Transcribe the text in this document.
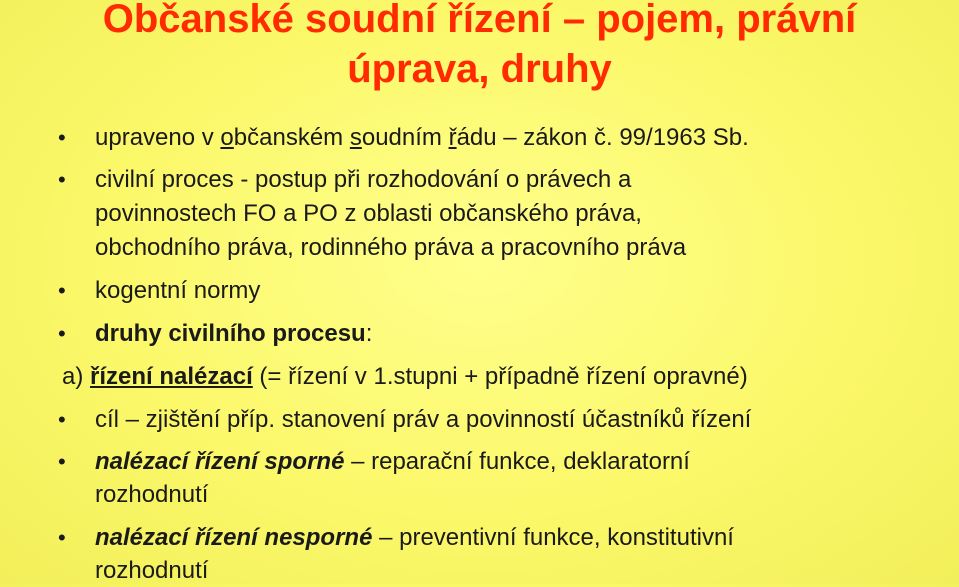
Občanské soudní řízení – pojem, právní
úprava, druhy
• upraveno v občanském soudním řádu – zákon č. 99/1963 Sb.
• civilní proces - postup při rozhodování o právech a
povinnostech FO a PO z oblasti občanského práva,
obchodního práva, rodinného práva a pracovního práva
• kogentní normy
• druhy civilního procesu:
a) řízení nalézací (= řízení v 1.stupni + případně řízení opravné)
• cíl – zjištění příp. stanovení práv a povinností účastníků řízení
• nalézací řízení sporné – reparační funkce, deklaratorní
rozhodnutí
• nalézací řízení nesporné – preventivní funkce, konstitutivní
rozhodnutí
